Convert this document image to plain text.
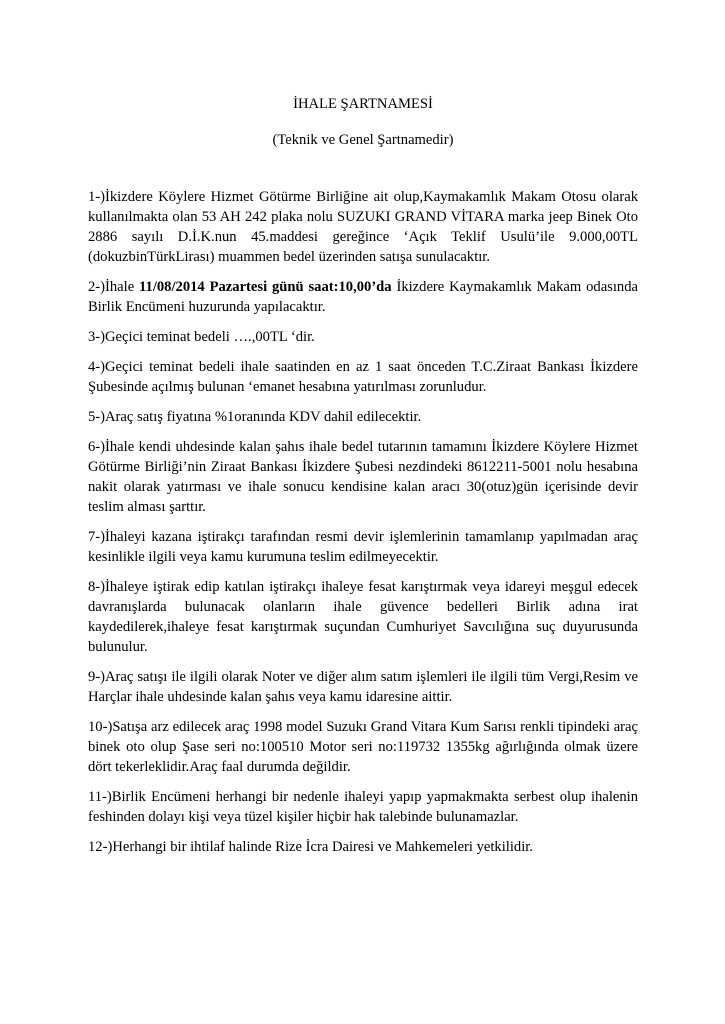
İHALE ŞARTNAMESİ

(Teknik ve Genel Şartnamedir)

1-)İkizdere Köylere Hizmet Götürme Birliğine ait olup,Kaymakamlık Makam Otosu olarak kullanılmakta olan 53 AH 242 plaka nolu SUZUKI GRAND VİTARA marka jeep Binek Oto 2886 sayılı D.İ.K.nun 45.maddesi gereğince ‘Açık Teklif Usulü’ile 9.000,00TL (dokuzbinTürkLirası) muammen bedel üzerinden satışa sunulacaktır.

2-)İhale 11/08/2014 Pazartesi günü saat:10,00’da İkizdere Kaymakamlık Makam odasında Birlik Encümeni huzurunda yapılacaktır.

3-)Geçici teminat bedeli ….,00TL ‘dir.

4-)Geçici teminat bedeli ihale saatinden en az 1 saat önceden T.C.Ziraat Bankası İkizdere Şubesinde açılmış bulunan ‘emanet hesabına yatırılması zorunludur.

5-)Araç satış fiyatına %1oranında KDV dahil edilecektir.

6-)İhale kendi uhdesinde kalan şahıs ihale bedel tutarının tamamını İkizdere Köylere Hizmet Götürme Birliği’nin Ziraat Bankası İkizdere Şubesi nezdindeki 8612211-5001 nolu hesabına nakit olarak yatırması ve ihale sonucu kendisine kalan aracı 30(otuz)gün içerisinde devir teslim alması şarttır.

7-)İhaleyi kazana iştirakçı tarafından resmi devir işlemlerinin tamamlanıp yapılmadan araç kesinlikle ilgili veya kamu kurumuna teslim edilmeyecektir.

8-)İhaleye iştirak edip katılan iştirakçı ihaleye fesat karıştırmak veya idareyi meşgul edecek davranışlarda bulunacak olanların ihale güvence bedelleri Birlik adına irat kaydedilerek,ihaleye fesat karıştırmak suçundan Cumhuriyet Savcılığına suç duyurusunda bulunulur.

9-)Araç satışı ile ilgili olarak Noter ve diğer alım satım işlemleri ile ilgili tüm Vergi,Resim ve Harçlar ihale uhdesinde kalan şahıs veya kamu idaresine aittir.

10-)Satışa arz edilecek araç 1998 model Suzukı Grand Vitara Kum Sarısı renkli tipindeki araç binek oto olup Şase seri no:100510 Motor seri no:119732 1355kg ağırlığında olmak üzere dört tekerleklidir.Araç faal durumda değildir.

11-)Birlik Encümeni herhangi bir nedenle ihaleyi yapıp yapmakmakta serbest olup ihalenin feshinden dolayı kişi veya tüzel kişiler hiçbir hak talebinde bulunamazlar.

12-)Herhangi bir ihtilaf halinde Rize İcra Dairesi ve Mahkemeleri yetkilidir.
